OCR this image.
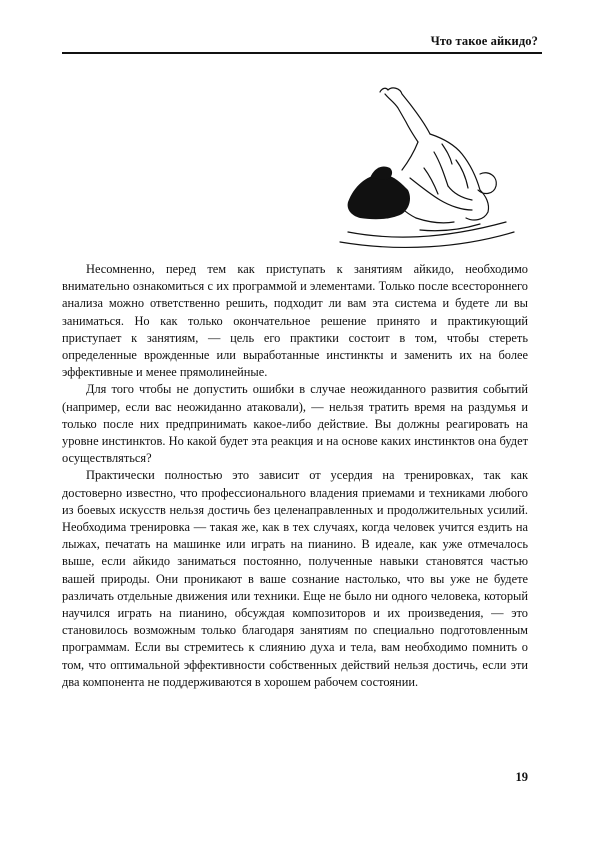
Что такое айкидо?

Несомненно, перед тем как приступать к занятиям айкидо, необходимо внимательно ознакомиться с их программой и элементами. Только после всестороннего анализа можно ответственно решить, подходит ли вам эта система и будете ли вы заниматься. Но как только окончательное решение принято и практикующий приступает к занятиям, — цель его практики состоит в том, чтобы стереть определенные врожденные или выработанные инстинкты и заменить их на более эффективные и менее прямолинейные.

Для того чтобы не допустить ошибки в случае неожиданного развития событий (например, если вас неожиданно атаковали), — нельзя тратить время на раздумья и только после них предпринимать какое-либо действие. Вы должны реагировать на уровне инстинктов. Но какой будет эта реакция и на основе каких инстинктов она будет осуществляться?

Практически полностью это зависит от усердия на тренировках, так как достоверно известно, что профессионального владения приемами и техниками любого из боевых искусств нельзя достичь без целенаправленных и продолжительных усилий. Необходима тренировка — такая же, как в тех случаях, когда человек учится ездить на лыжах, печатать на машинке или играть на пианино. В идеале, как уже отмечалось выше, если айкидо заниматься постоянно, полученные навыки становятся частью вашей природы. Они проникают в ваше сознание настолько, что вы уже не будете различать отдельные движения или техники. Еще не было ни одного человека, который научился играть на пианино, обсуждая композиторов и их произведения, — это становилось возможным только благодаря занятиям по специально подготовленным программам. Если вы стремитесь к слиянию духа и тела, вам необходимо помнить о том, что оптимальной эффективности собственных действий нельзя достичь, если эти два компонента не поддерживаются в хорошем рабочем состоянии.

19
